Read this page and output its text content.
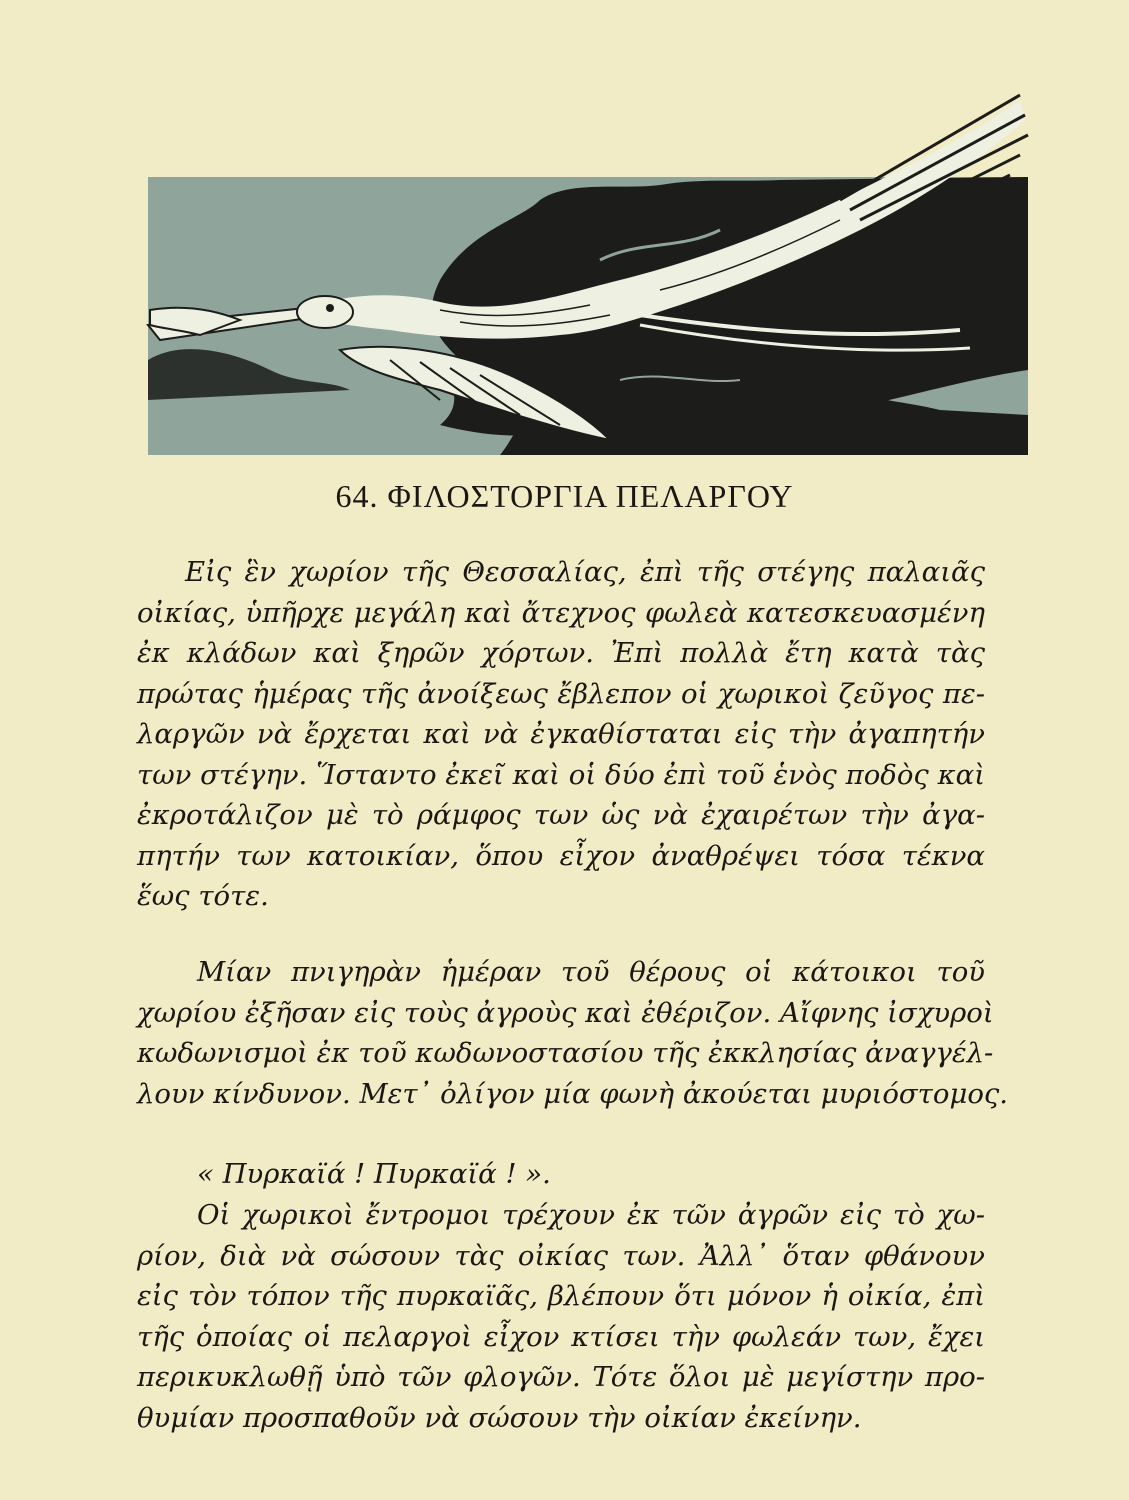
64. ΦΙΛΟΣΤΟΡΓΙΑ ΠΕΛΑΡΓΟΥ
Εἰς ἓν χωρίον τῆς Θεσσαλίας, ἐπὶ τῆς στέγης παλαιᾶς
οἰκίας, ὑπῆρχε μεγάλη καὶ ἄτεχνος φωλεὰ κατεσκευασμένη
ἐκ κλάδων καὶ ξηρῶν χόρτων. Ἐπὶ πολλὰ ἔτη κατὰ τὰς
πρώτας ἡμέρας τῆς ἀνοίξεως ἔβλεπον οἱ χωρικοὶ ζεῦγος πε-
λαργῶν νὰ ἔρχεται καὶ νὰ ἐγκαθίσταται εἰς τὴν ἀγαπητήν
των στέγην. Ἵσταντο ἐκεῖ καὶ οἱ δύο ἐπὶ τοῦ ἑνὸς ποδὸς καὶ
ἐκροτάλιζον μὲ τὸ ράμφος των ὡς νὰ ἐχαιρέτων τὴν ἀγα-
πητήν των κατοικίαν, ὅπου εἶχον ἀναθρέψει τόσα τέκνα
ἕως τότε.
Μίαν πνιγηρὰν ἡμέραν τοῦ θέρους οἱ κάτοικοι τοῦ
χωρίου ἐξῆσαν εἰς τοὺς ἀγροὺς καὶ ἐθέριζον. Αἴφνης ἰσχυροὶ
κωδωνισμοὶ ἐκ τοῦ κωδωνοστασίου τῆς ἐκκλησίας ἀναγγέλ-
λουν κίνδυνον. Μετ᾽ ὀλίγον μία φωνὴ ἀκούεται μυριόστομος.
« Πυρκαϊά ! Πυρκαϊά ! ».
Οἱ χωρικοὶ ἔντρομοι τρέχουν ἐκ τῶν ἀγρῶν εἰς τὸ χω-
ρίον, διὰ νὰ σώσουν τὰς οἰκίας των. Ἀλλ᾽ ὅταν φθάνουν
εἰς τὸν τόπον τῆς πυρκαϊᾶς, βλέπουν ὅτι μόνον ἡ οἰκία, ἐπὶ
τῆς ὁποίας οἱ πελαργοὶ εἶχον κτίσει τὴν φωλεάν των, ἔχει
περικυκλωθῇ ὑπὸ τῶν φλογῶν. Τότε ὅλοι μὲ μεγίστην προ-
θυμίαν προσπαθοῦν νὰ σώσουν τὴν οἰκίαν ἐκείνην.
